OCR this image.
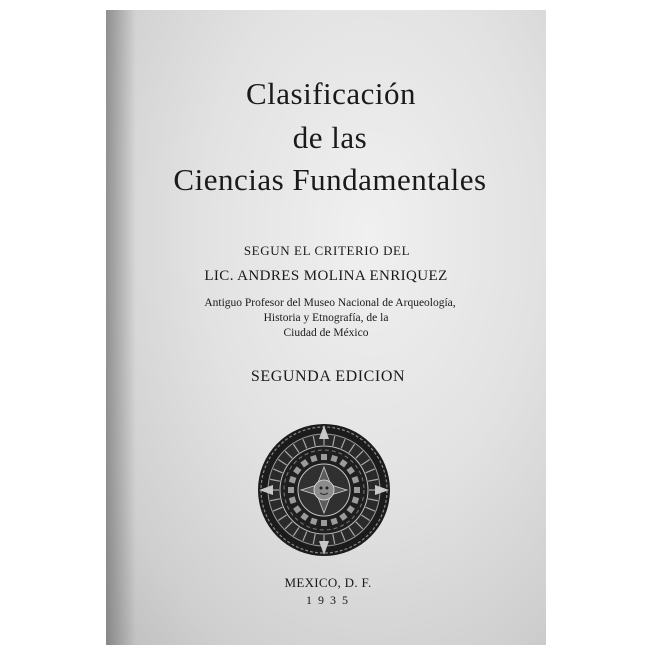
Clasificación
de las
Ciencias Fundamentales
SEGUN EL CRITERIO DEL
LIC. ANDRES MOLINA ENRIQUEZ
Antiguo Profesor del Museo Nacional de Arqueología,
Historia y Etnografía, de la
Ciudad de México
SEGUNDA EDICION
MEXICO, D. F.
1935
